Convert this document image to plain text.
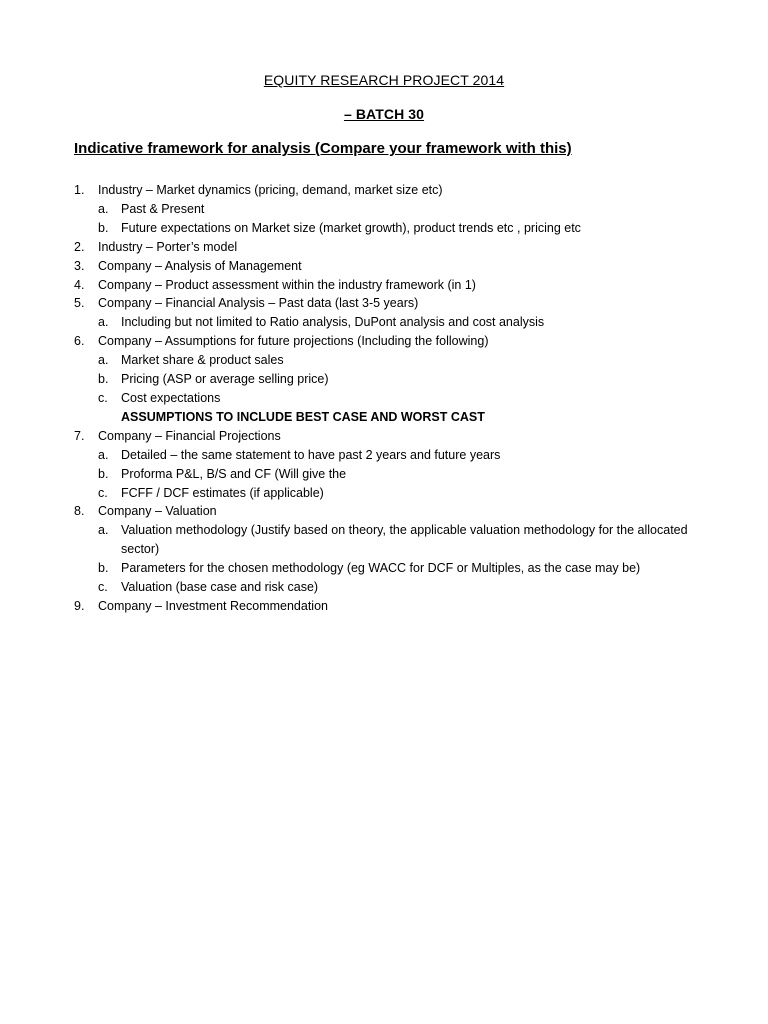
EQUITY RESEARCH PROJECT 2014
– BATCH 30
Indicative framework for analysis (Compare your framework with this)
1. Industry – Market dynamics (pricing, demand, market size etc)
a. Past & Present
b. Future expectations on Market size (market growth), product trends etc , pricing etc
2. Industry – Porter’s model
3. Company – Analysis of Management
4. Company – Product assessment within the industry framework (in 1)
5. Company – Financial Analysis – Past data (last 3-5 years)
a. Including but not limited to Ratio analysis, DuPont analysis and cost analysis
6. Company – Assumptions for future projections (Including the following)
a. Market share & product sales
b. Pricing (ASP or average selling price)
c. Cost expectations
ASSUMPTIONS TO INCLUDE BEST CASE AND WORST CAST
7. Company – Financial Projections
a. Detailed – the same statement to have past 2 years and future years
b. Proforma P&L, B/S and CF (Will give the
c. FCFF / DCF estimates (if applicable)
8. Company – Valuation
a. Valuation methodology (Justify based on theory, the applicable valuation methodology for the allocated sector)
b. Parameters for the chosen methodology (eg WACC for DCF or Multiples, as the case may be)
c. Valuation (base case and risk case)
9. Company – Investment Recommendation
